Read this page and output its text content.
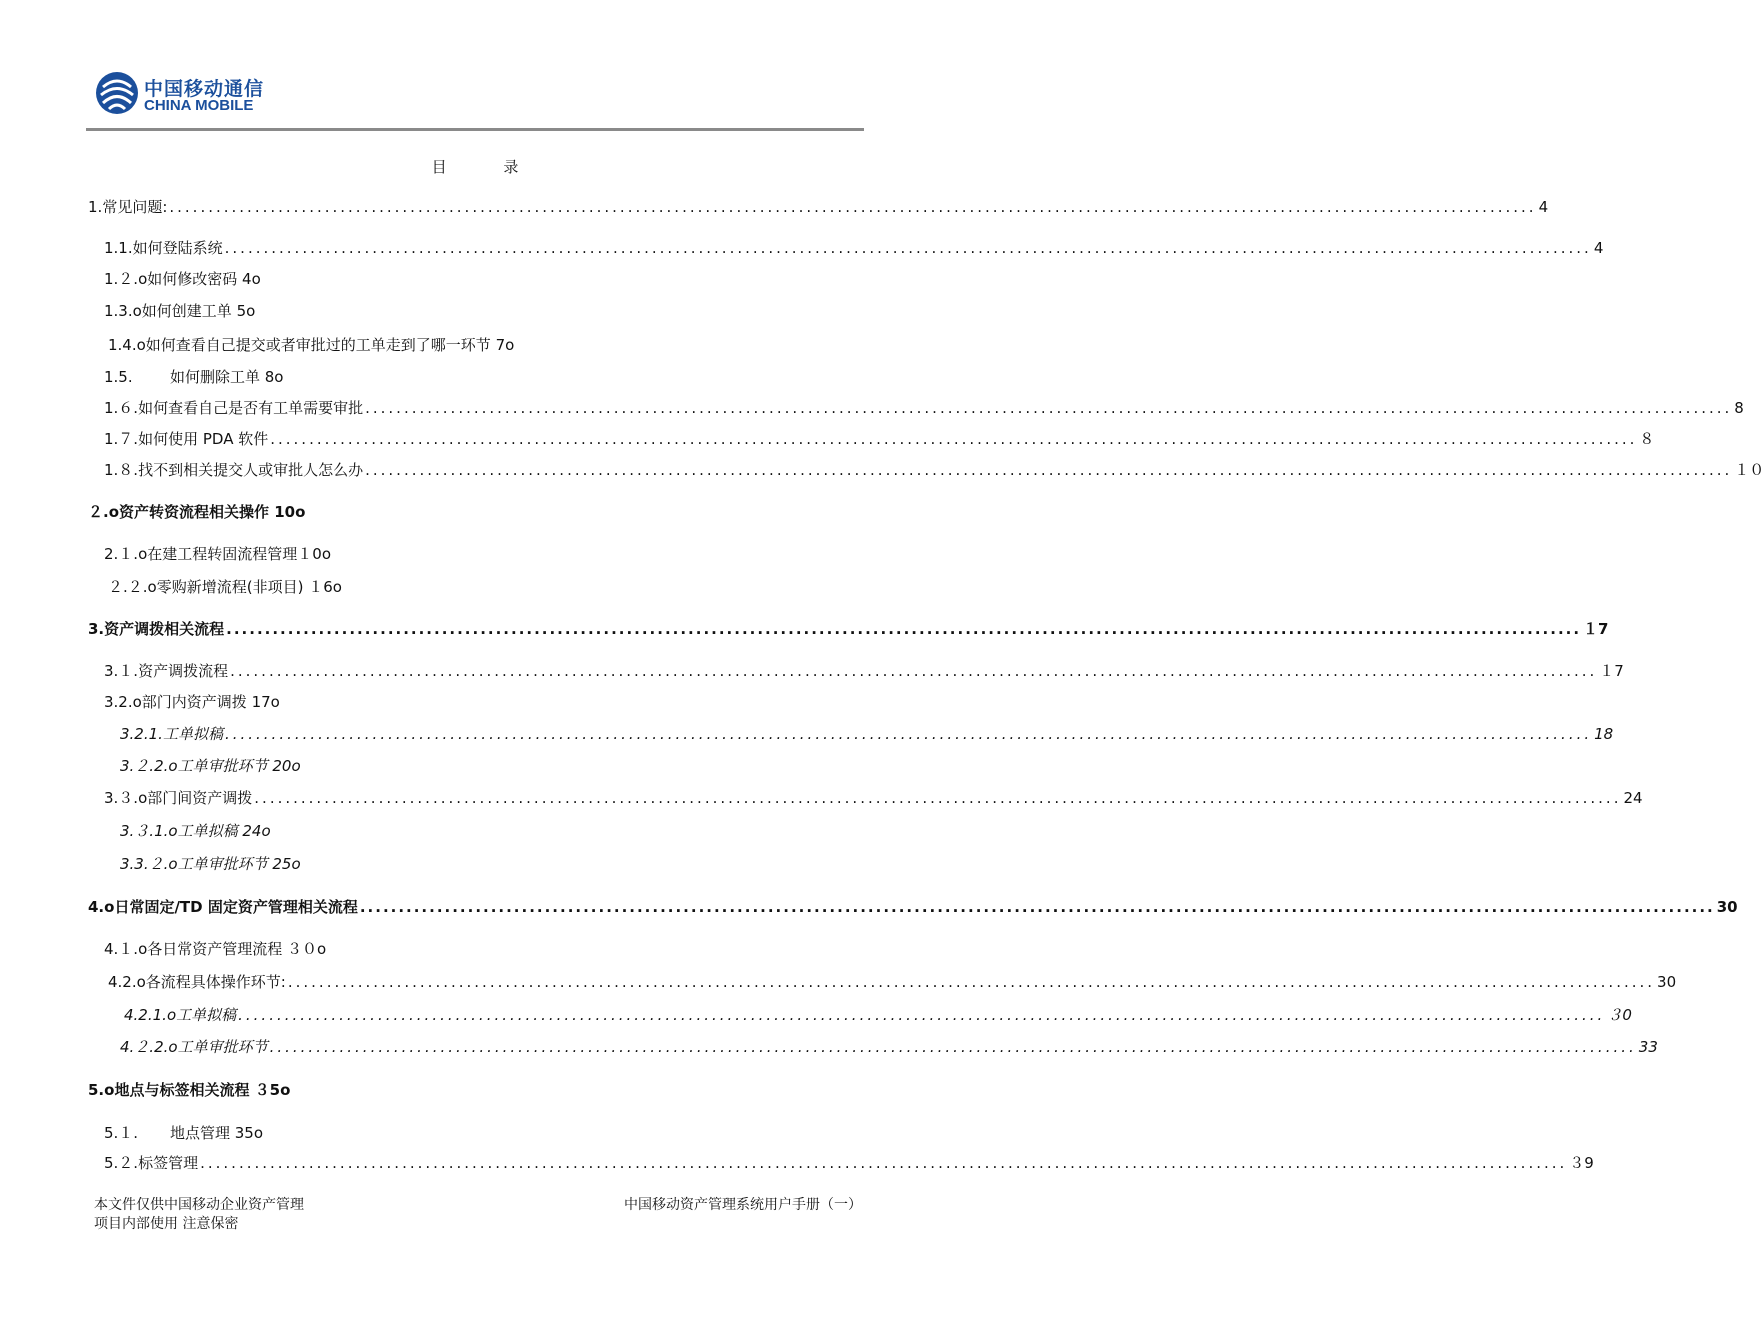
中国移动通信
CHINA MOBILE
目 录
1. 常见问题: ................................................................................................................................................................................ 4
1.1. 如何登陆系统 ................................................................................................................................................................................ 4
1.２. o如何修改密码 4o
1.3. o如何创建工单 5o
1.4. o如何查看自己提交或者审批过的工单走到了哪一环节 7o
1.5.	如何删除工单 8o
1.６. 如何查看自己是否有工单需要审批 ................................................................................................................................................................................ 8
1.７. 如何使用 PDA 软件 ................................................................................................................................................................................ ８
1.８. 找不到相关提交人或审批人怎么办 ................................................................................................................................................................................ １０
２. o资产转资流程相关操作 10o
2.１. o在建工程转固流程管理１0o
２.２. o零购新增流程(非项目) １6o
3. 资产调拨相关流程 ................................................................................................................................................................................ １7
3.１. 资产调拨流程 ................................................................................................................................................................................ １7
3.2. o部门内资产调拨 17o
3.2.1. 工单拟稿 ................................................................................................................................................................................ 18
3.２.2. o工单审批环节 20o
3.３. o部门间资产调拨 ................................................................................................................................................................................ 24
3.３.1. o工单拟稿 24o
3.3.２. o工单审批环节 25o
4. o日常固定/TD 固定资产管理相关流程 ................................................................................................................................................................................ 30
4.１. o各日常资产管理流程 ３０o
4.2. o各流程具体操作环节: ................................................................................................................................................................................ 30
4.2.1. o工单拟稿 ................................................................................................................................................................................ ３0
4.２.2. o工单审批环节 ................................................................................................................................................................................ 33
5. o地点与标签相关流程 ３5o
5.１.	地点管理 35o
5.２. 标签管理 ................................................................................................................................................................................ ３9
本文件仅供中国移动企业资产管理
项目内部使用 注意保密
中国移动资产管理系统用户手册（一）
